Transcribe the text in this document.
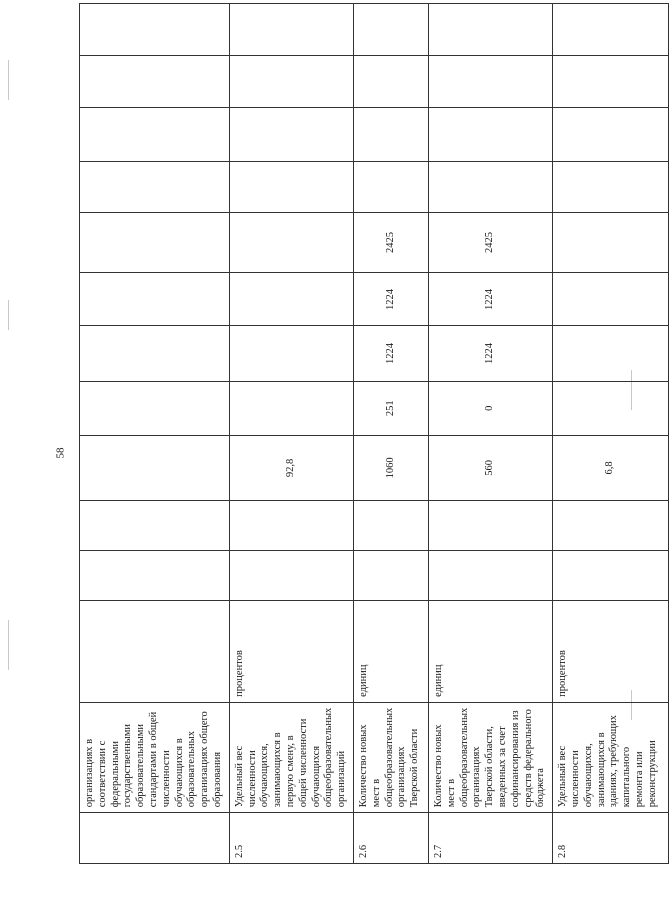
58
	организациях в соответствии с федеральными государственными образовательными стандартами в общей численности обучающихся в образовательных организациях общего образования												
2.5	Удельный вес численности обучающихся, занимающихся в первую смену, в общей численности обучающихся общеобразовательных организаций	процентов			92,8								
2.6	Количество новых мест в общеобразовательных организациях Тверской области	единиц			1060	251	1224	1224	2425				
2.7	Количество новых мест в общеобразовательных организациях Тверской области, введенных за счет софинансирования из средств федерального бюджета	единиц			560	0	1224	1224	2425				
2.8	Удельный вес численности обучающихся, занимающихся в зданиях, требующих капитального ремонта или реконструкции	процентов			6,8								
